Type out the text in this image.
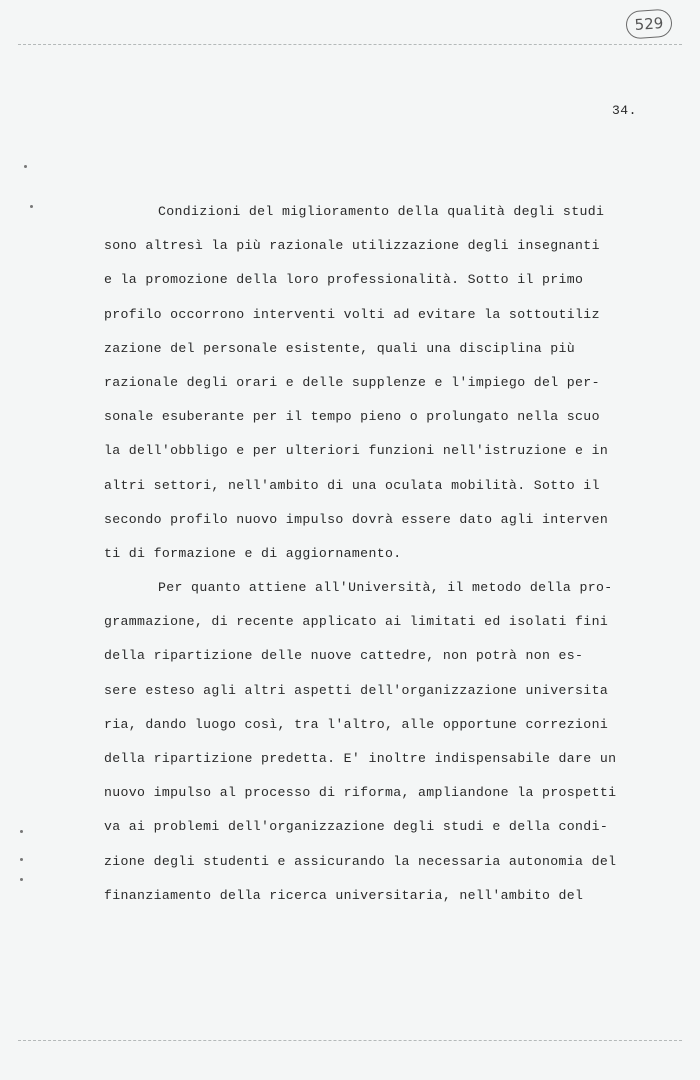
529
34.
Condizioni del miglioramento della qualità degli studi
sono altresì la più razionale utilizzazione degli insegnanti
e la promozione della loro professionalità. Sotto il primo
profilo occorrono interventi volti ad evitare la sottoutiliz
zazione del personale esistente, quali una disciplina più
razionale degli orari e delle supplenze e l'impiego del per-
sonale esuberante per il tempo pieno o prolungato nella scuo
la dell'obbligo e per ulteriori funzioni nell'istruzione e in
altri settori, nell'ambito di una oculata mobilità. Sotto il
secondo profilo nuovo impulso dovrà essere dato agli interven
ti di formazione e di aggiornamento.
Per quanto attiene all'Università, il metodo della pro-
grammazione, di recente applicato ai limitati ed isolati fini
della ripartizione delle nuove cattedre, non potrà non es-
sere esteso agli altri aspetti dell'organizzazione universita
ria, dando luogo così, tra l'altro, alle opportune correzioni
della ripartizione predetta. E' inoltre indispensabile dare un
nuovo impulso al processo di riforma, ampliandone la prospetti
va ai problemi dell'organizzazione degli studi e della condi-
zione degli studenti e assicurando la necessaria autonomia del
finanziamento della ricerca universitaria, nell'ambito del
